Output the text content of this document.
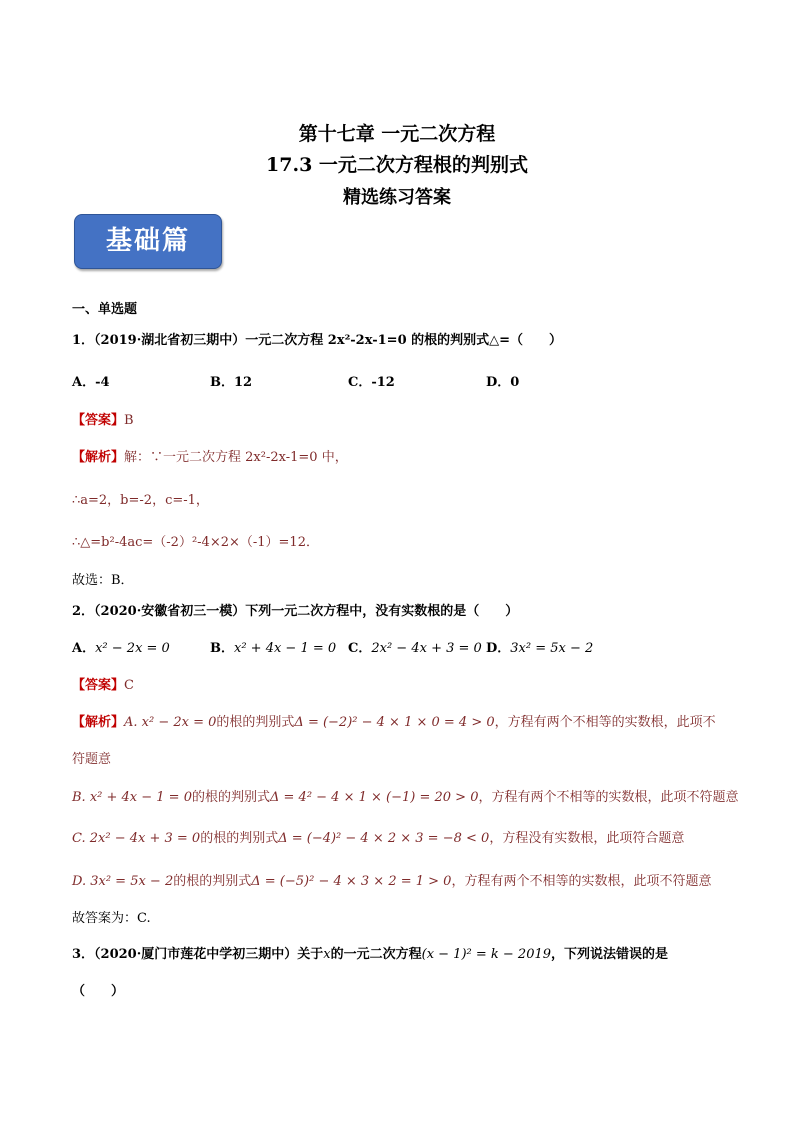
第十七章 一元二次方程
17.3 一元二次方程根的判别式
精选练习答案
基础篇
一、单选题
1．（2019·湖北省初三期中）一元二次方程 2x²-2x-1=0 的根的判别式△=（　　）
A．-4	B．12	C．-12	D．0
【答案】B
【解析】解：∵一元二次方程 2x²-2x-1=0 中，
∴a=2，b=-2，c=-1，
∴△=b²-4ac=（-2）²-4×2×（-1）=12．
故选：B．
2．（2020·安徽省初三一模）下列一元二次方程中，没有实数根的是（　　）
A．x² − 2x = 0	B．x² + 4x − 1 = 0 C．2x² − 4x + 3 = 0 D．3x² = 5x − 2
【答案】C
【解析】A. x² − 2x = 0的根的判别式Δ = (−2)² − 4 × 1 × 0 = 4 > 0，方程有两个不相等的实数根，此项不
符题意
B. x² + 4x − 1 = 0的根的判别式Δ = 4² − 4 × 1 × (−1) = 20 > 0，方程有两个不相等的实数根，此项不符题意
C. 2x² − 4x + 3 = 0的根的判别式Δ = (−4)² − 4 × 2 × 3 = −8 < 0，方程没有实数根，此项符合题意
D. 3x² = 5x − 2的根的判别式Δ = (−5)² − 4 × 3 × 2 = 1 > 0，方程有两个不相等的实数根，此项不符题意
故答案为：C.
3．（2020·厦门市莲花中学初三期中）关于x的一元二次方程(x − 1)² = k − 2019，下列说法错误的是
（　　）
